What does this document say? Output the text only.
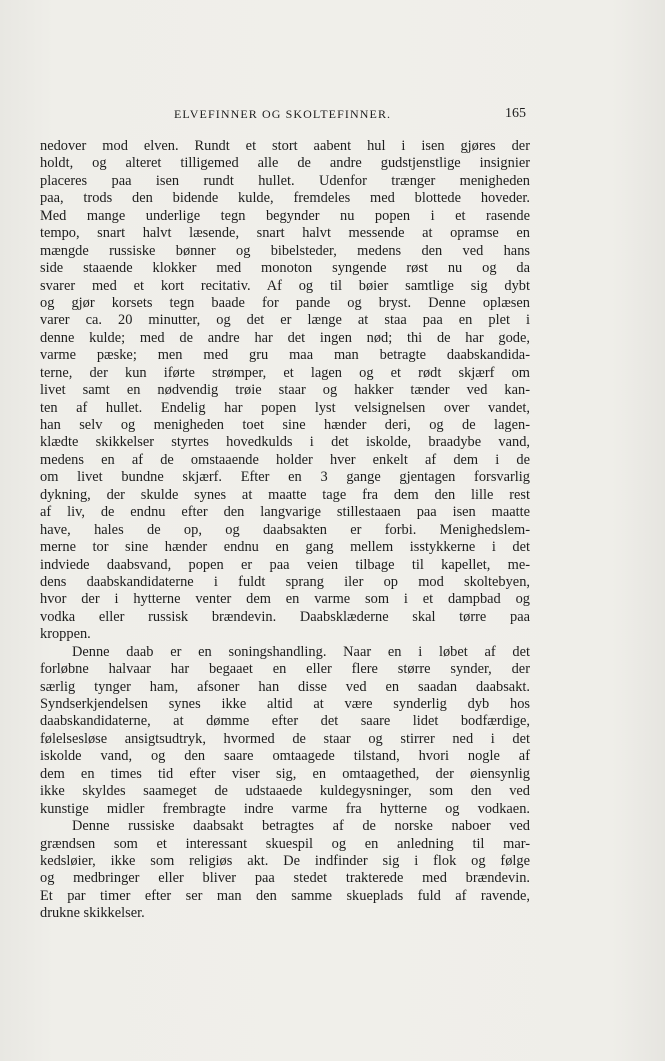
ELVEFINNER OG SKOLTEFINNER.	165
nedover mod elven. Rundt et stort aabent hul i isen gjøres der
holdt, og alteret tilligemed alle de andre gudstjenstlige insignier
placeres paa isen rundt hullet. Udenfor trænger menigheden
paa, trods den bidende kulde, fremdeles med blottede hoveder.
Med mange underlige tegn begynder nu popen i et rasende
tempo, snart halvt læsende, snart halvt messende at opramse en
mængde russiske bønner og bibelsteder, medens den ved hans
side staaende klokker med monoton syngende røst nu og da
svarer med et kort recitativ. Af og til bøier samtlige sig dybt
og gjør korsets tegn baade for pande og bryst. Denne oplæsen
varer ca. 20 minutter, og det er længe at staa paa en plet i
denne kulde; med de andre har det ingen nød; thi de har gode,
varme pæske; men med gru maa man betragte daabskandida-
terne, der kun iførte strømper, et lagen og et rødt skjærf om
livet samt en nødvendig trøie staar og hakker tænder ved kan-
ten af hullet. Endelig har popen lyst velsignelsen over vandet,
han selv og menigheden toet sine hænder deri, og de lagen-
klædte skikkelser styrtes hovedkulds i det iskolde, braadybe vand,
medens en af de omstaaende holder hver enkelt af dem i de
om livet bundne skjærf. Efter en 3 gange gjentagen forsvarlig
dykning, der skulde synes at maatte tage fra dem den lille rest
af liv, de endnu efter den langvarige stillestaaen paa isen maatte
have, hales de op, og daabsakten er forbi. Menighedslem-
merne tor sine hænder endnu en gang mellem isstykkerne i det
indviede daabsvand, popen er paa veien tilbage til kapellet, me-
dens daabskandidaterne i fuldt sprang iler op mod skoltebyen,
hvor der i hytterne venter dem en varme som i et dampbad og
vodka eller russisk brændevin. Daabsklæderne skal tørre paa
kroppen.
Denne daab er en soningshandling. Naar en i løbet af det
forløbne halvaar har begaaet en eller flere større synder, der
særlig tynger ham, afsoner han disse ved en saadan daabsakt.
Syndserkjendelsen synes ikke altid at være synderlig dyb hos
daabskandidaterne, at dømme efter det saare lidet bodfærdige,
følelsesløse ansigtsudtryk, hvormed de staar og stirrer ned i det
iskolde vand, og den saare omtaagede tilstand, hvori nogle af
dem en times tid efter viser sig, en omtaagethed, der øiensynlig
ikke skyldes saameget de udstaaede kuldegysninger, som den ved
kunstige midler frembragte indre varme fra hytterne og vodkaen.
Denne russiske daabsakt betragtes af de norske naboer ved
grændsen som et interessant skuespil og en anledning til mar-
kedsløier, ikke som religiøs akt. De indfinder sig i flok og følge
og medbringer eller bliver paa stedet trakterede med brændevin.
Et par timer efter ser man den samme skueplads fuld af ravende,
drukne skikkelser.
